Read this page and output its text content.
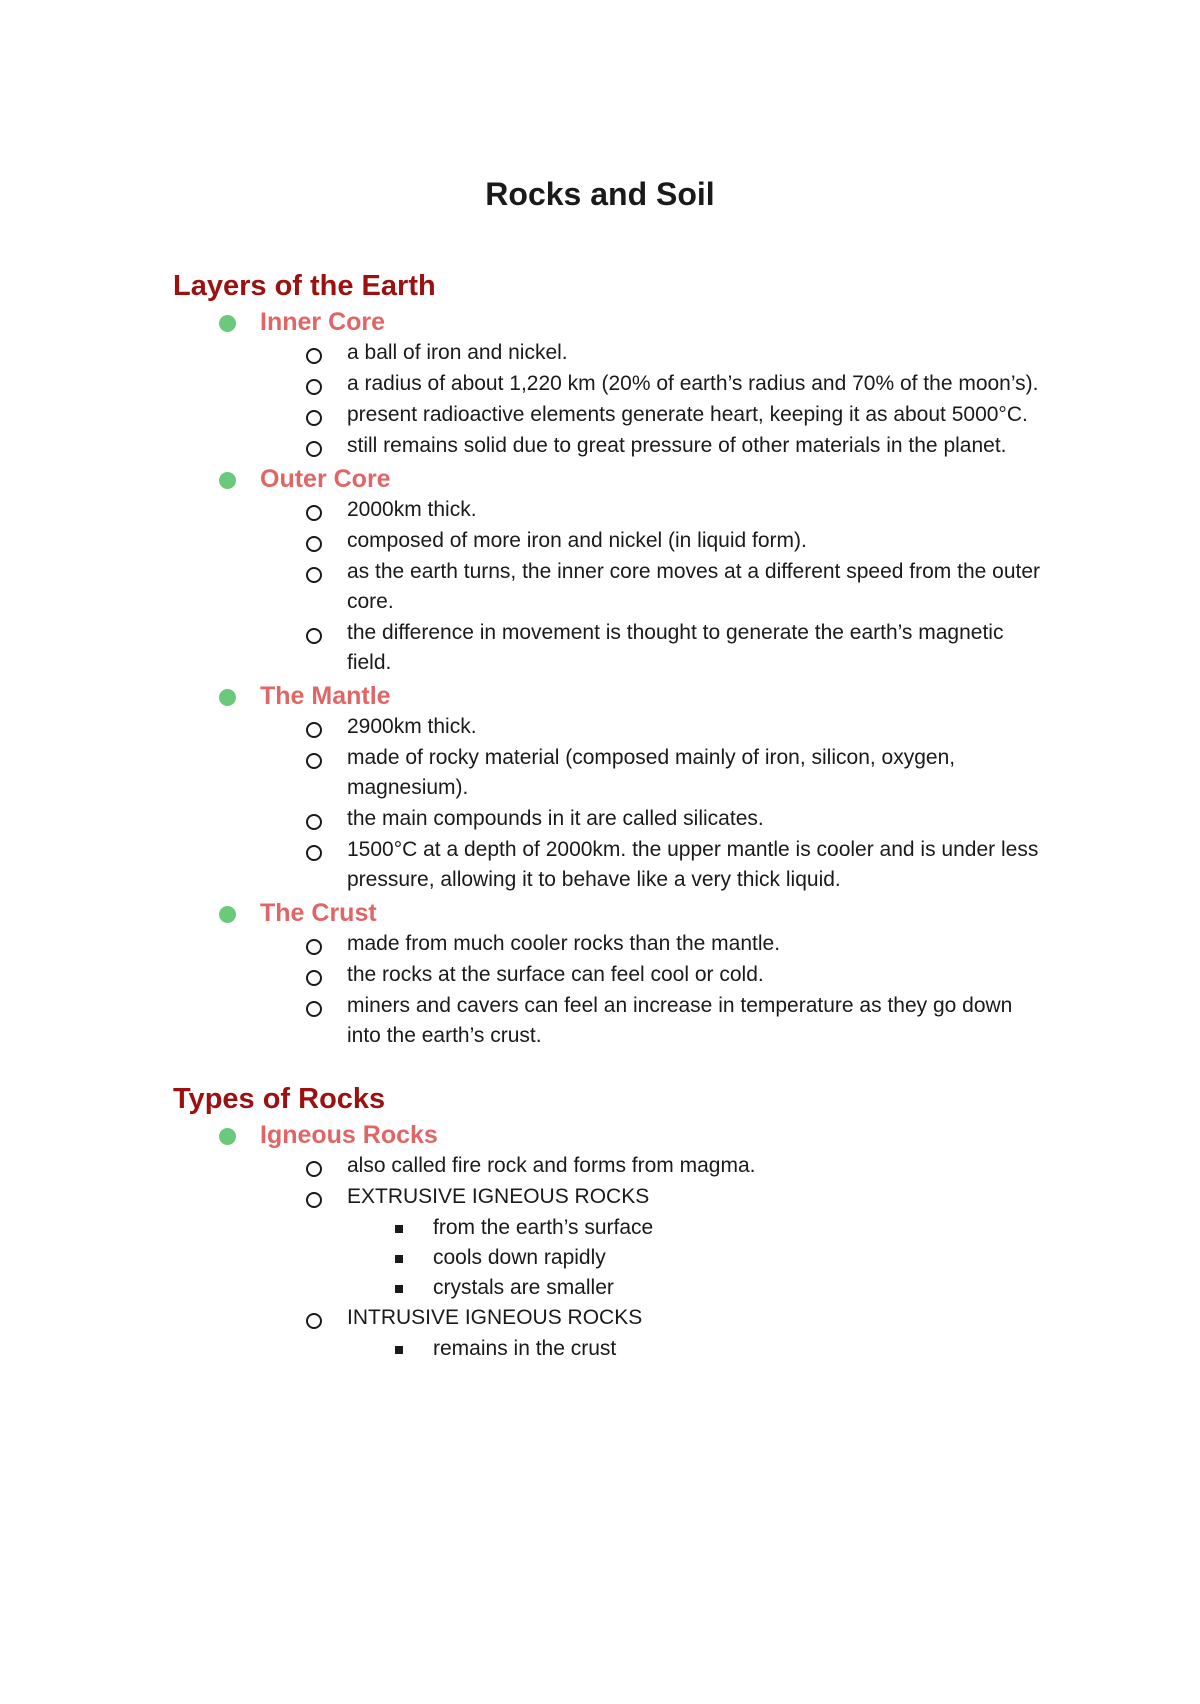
Rocks and Soil
Layers of the Earth
Inner Core
a ball of iron and nickel.
a radius of about 1,220 km (20% of earth’s radius and 70% of the moon’s).
present radioactive elements generate heart, keeping it as about 5000°C.
still remains solid due to great pressure of other materials in the planet.
Outer Core
2000km thick.
composed of more iron and nickel (in liquid form).
as the earth turns, the inner core moves at a different speed from the outer core.
the difference in movement is thought to generate the earth’s magnetic field.
The Mantle
2900km thick.
made of rocky material (composed mainly of iron, silicon, oxygen, magnesium).
the main compounds in it are called silicates.
1500°C at a depth of 2000km. the upper mantle is cooler and is under less pressure, allowing it to behave like a very thick liquid.
The Crust
made from much cooler rocks than the mantle.
the rocks at the surface can feel cool or cold.
miners and cavers can feel an increase in temperature as they go down into the earth’s crust.
Types of Rocks
Igneous Rocks
also called fire rock and forms from magma.
EXTRUSIVE IGNEOUS ROCKS
from the earth’s surface
cools down rapidly
crystals are smaller
INTRUSIVE IGNEOUS ROCKS
remains in the crust
